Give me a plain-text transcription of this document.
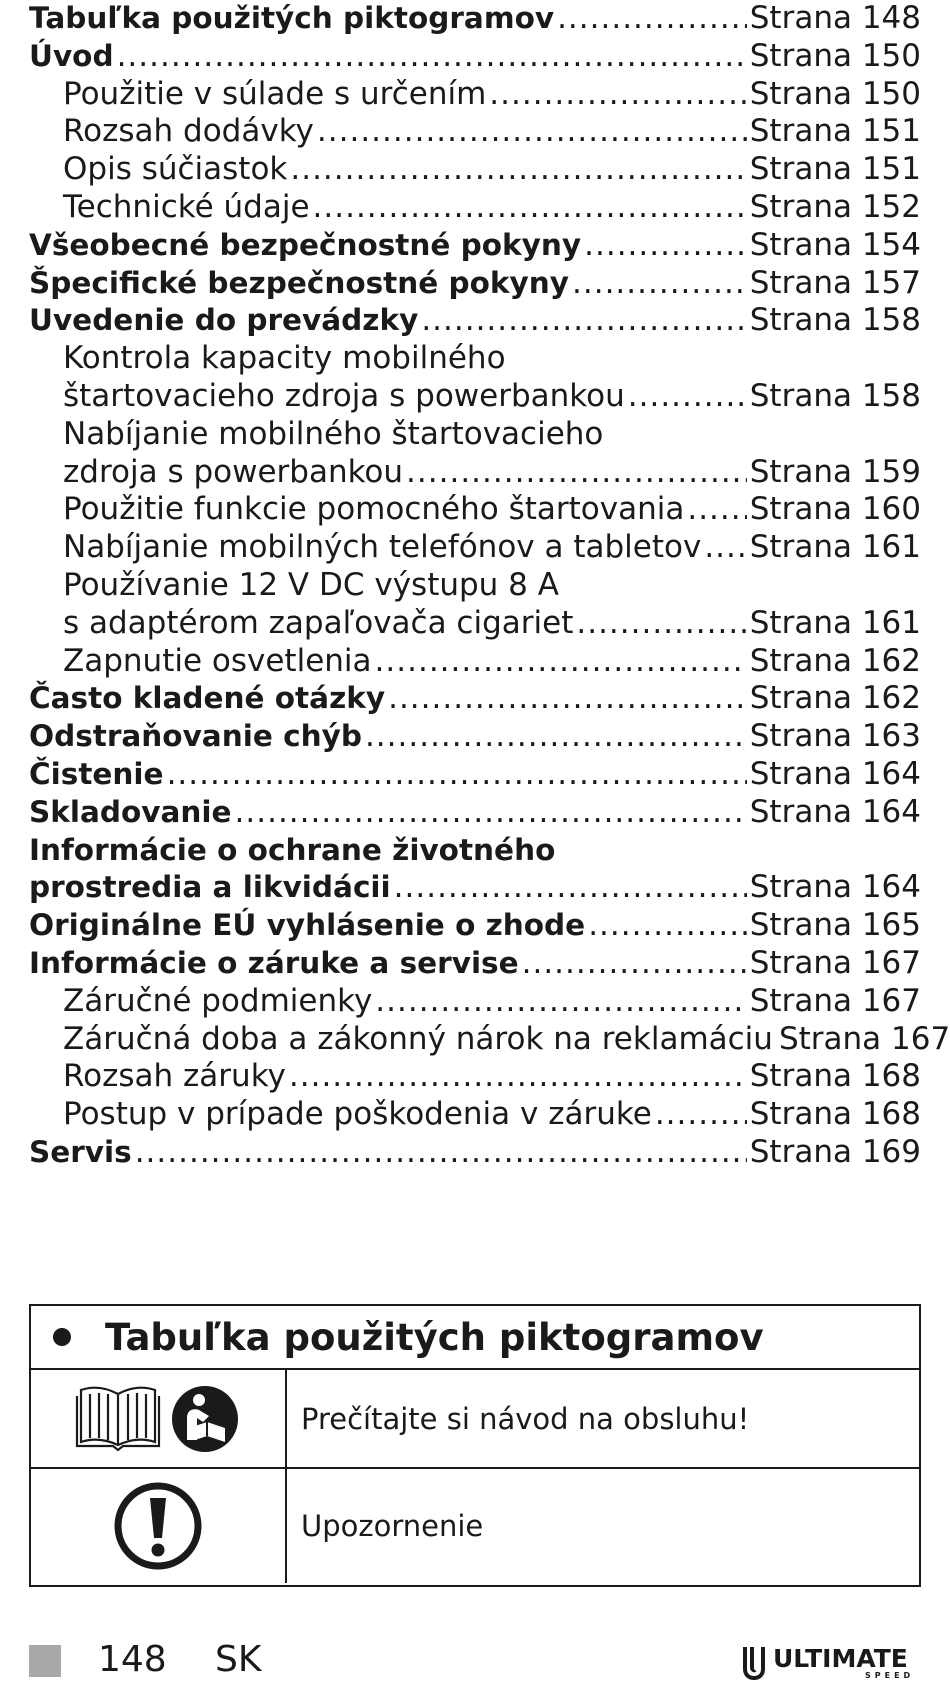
Tabuľka použitých piktogramov .....	Strana 148
Úvod .....	Strana 150
Použitie v súlade s určením .....	Strana 150
Rozsah dodávky .....	Strana 151
Opis súčiastok .....	Strana 151
Technické údaje .....	Strana 152
Všeobecné bezpečnostné pokyny .....	Strana 154
Špecifické bezpečnostné pokyny .....	Strana 157
Uvedenie do prevádzky .....	Strana 158
Kontrola kapacity mobilného
štartovacieho zdroja s powerbankou .....	Strana 158
Nabíjanie mobilného štartovacieho
zdroja s powerbankou .....	Strana 159
Použitie funkcie pomocného štartovania ..... Strana 160
Nabíjanie mobilných telefónov a tabletov ..... Strana 161
Používanie 12 V DC výstupu 8 A
s adaptérom zapaľovača cigariet .....	Strana 161
Zapnutie osvetlenia .....	Strana 162
Často kladené otázky .....	Strana 162
Odstraňovanie chýb .....	Strana 163
Čistenie .....	Strana 164
Skladovanie .....	Strana 164
Informácie o ochrane životného
prostredia a likvidácii .....	Strana 164
Originálne EÚ vyhlásenie o zhode .....	Strana 165
Informácie o záruke a servise .....	Strana 167
Záručné podmienky .....	Strana 167
Záručná doba a zákonný nárok na reklamáciu Strana 167
Rozsah záruky .....	Strana 168
Postup v prípade poškodenia v záruke .....	Strana 168
Servis .....	Strana 169
Tabuľka použitých piktogramov
Prečítajte si návod na obsluhu!
Upozornenie
148 SK	ULTIMATE
SPEED
